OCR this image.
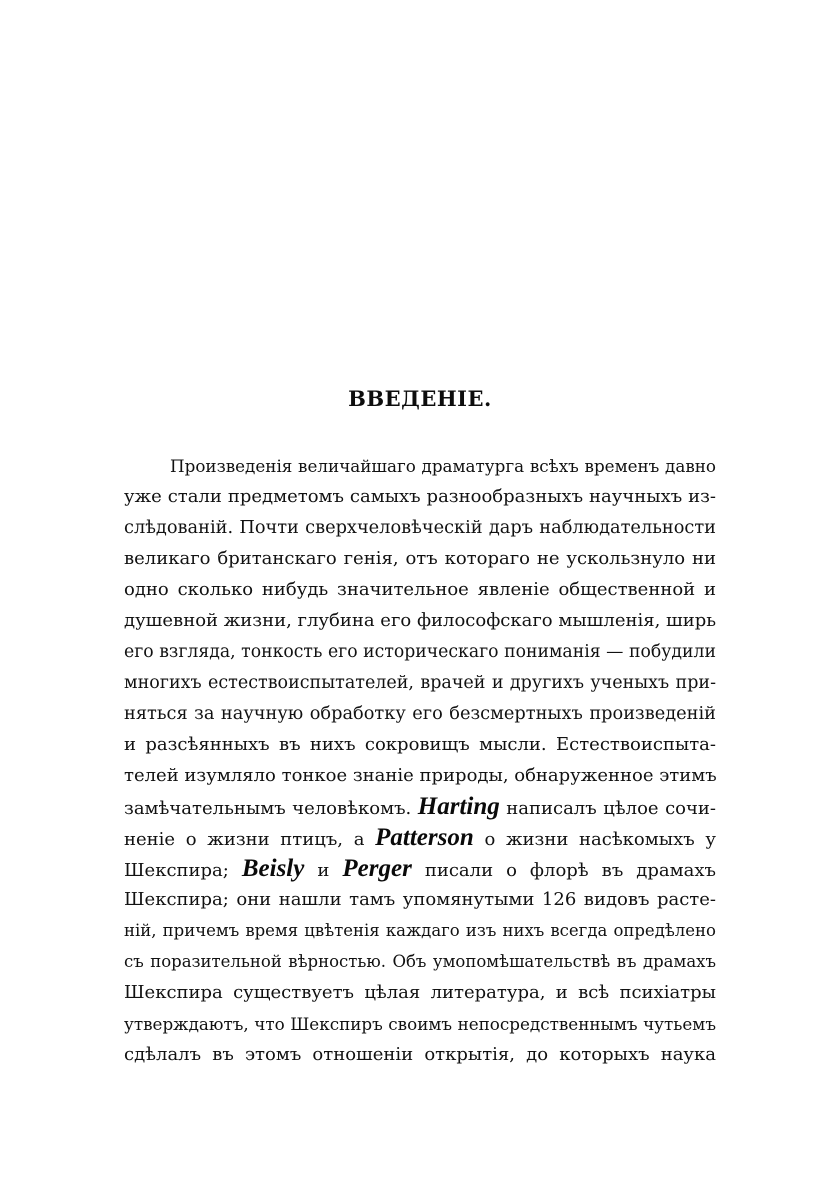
ВВЕДЕНІЕ.
Произведенія величайшаго драматурга всѣхъ временъ давно
уже стали предметомъ самыхъ разнообразныхъ научныхъ из-
слѣдованій. Почти сверхчеловѣческій даръ наблюдательности
великаго британскаго генія, отъ котораго не ускользнуло ни
одно сколько нибудь значительное явленіе общественной и
душевной жизни, глубина его философскаго мышленія, ширь
его взгляда, тонкость его историческаго пониманія — побудили
многихъ естествоиспытателей, врачей и другихъ ученыхъ при-
няться за научную обработку его безсмертныхъ произведеній
и разсѣянныхъ въ нихъ сокровищъ мысли. Естествоиспыта-
телей изумляло тонкое знаніе природы, обнаруженное этимъ
замѣчательнымъ человѣкомъ. Harting написалъ цѣлое сочи-
неніе о жизни птицъ, а Patterson о жизни насѣкомыхъ у
Шекспира; Beisly и Perger писали о флорѣ въ драмахъ
Шекспира; они нашли тамъ упомянутыми 126 видовъ расте-
ній, причемъ время цвѣтенія каждаго изъ нихъ всегда опредѣлено
съ поразительной вѣрностью. Объ умопомѣшательствѣ въ драмахъ
Шекспира существуетъ цѣлая литература, и всѣ психіатры
утверждаютъ, что Шекспиръ своимъ непосредственнымъ чутьемъ
сдѣлалъ въ этомъ отношеніи открытія, до которыхъ наука
